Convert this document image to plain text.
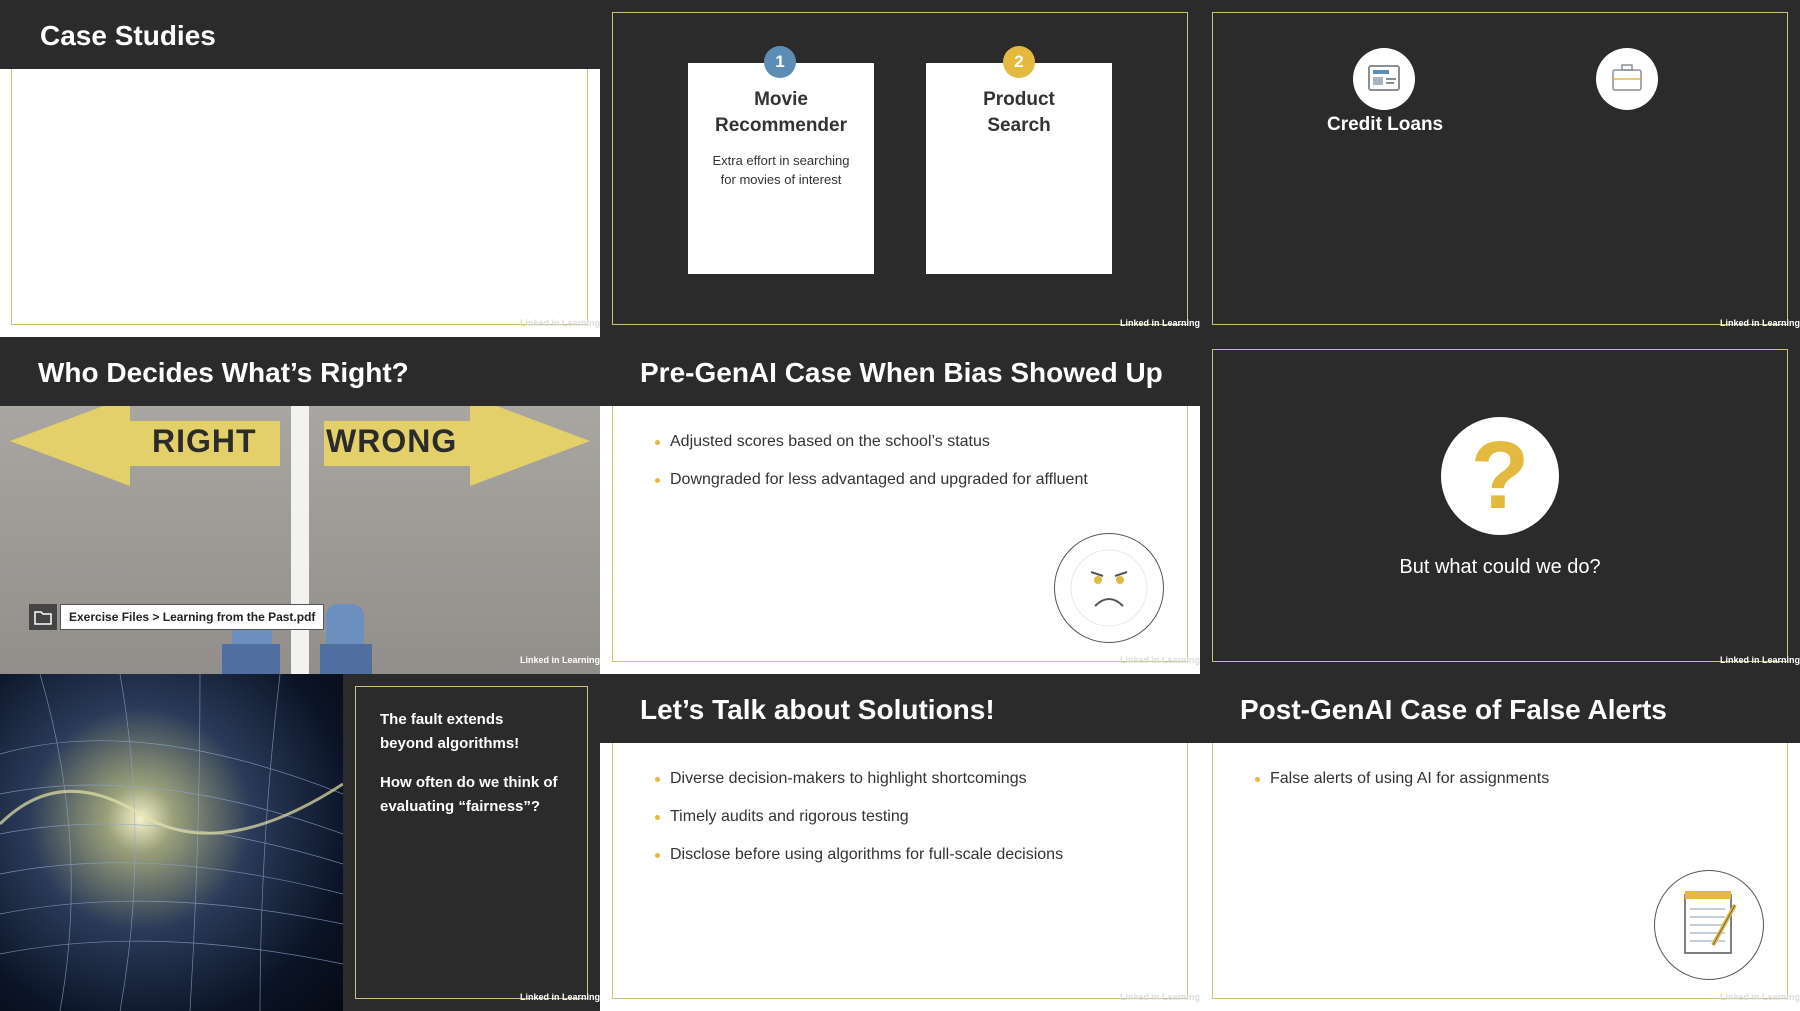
Case Studies
Linked in Learning
Movie Recommender
Extra effort in searching for movies of interest
1
Product Search
2
Linked in Learning
Credit Loans
Linked in Learning
Who Decides What’s Right?
RIGHT WRONG
Exercise Files > Learning from the Past.pdf
Linked in Learning
Pre-GenAI Case When Bias Showed Up
Adjusted scores based on the school’s status
Downgraded for less advantaged and upgraded for affluent
Linked in Learning
?
But what could we do?
Linked in Learning
The fault extends beyond algorithms!
How often do we think of evaluating “fairness”?
Linked in Learning
Let’s Talk about Solutions!
Diverse decision-makers to highlight shortcomings
Timely audits and rigorous testing
Disclose before using algorithms for full-scale decisions
Linked in Learning
Post-GenAI Case of False Alerts
False alerts of using AI for assignments
Linked in Learning
